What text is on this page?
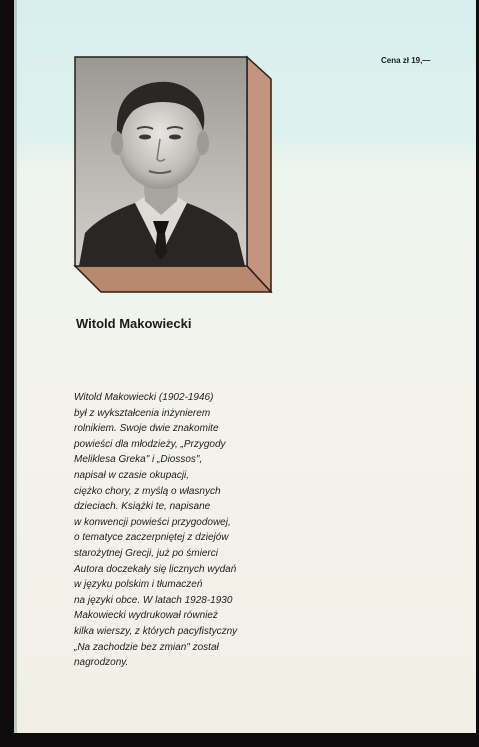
Cena zł 19,—
Witold Makowiecki
Witold Makowiecki (1902-1946)
był z wykształcenia inżynierem
rolnikiem. Swoje dwie znakomite
powieści dla młodzieży, „Przygody
Meliklesa Greka" i „Diossos",
napisał w czasie okupacji,
ciężko chory, z myślą o własnych
dzieciach. Książki te, napisane
w konwencji powieści przygodowej,
o tematyce zaczerpniętej z dziejów
starożytnej Grecji, już po śmierci
Autora doczekały się licznych wydań
w języku polskim i tłumaczeń
na języki obce. W latach 1928-1930
Makowiecki wydrukował również
kilka wierszy, z których pacyfistyczny
„Na zachodzie bez zmian" został
nagrodzony.
